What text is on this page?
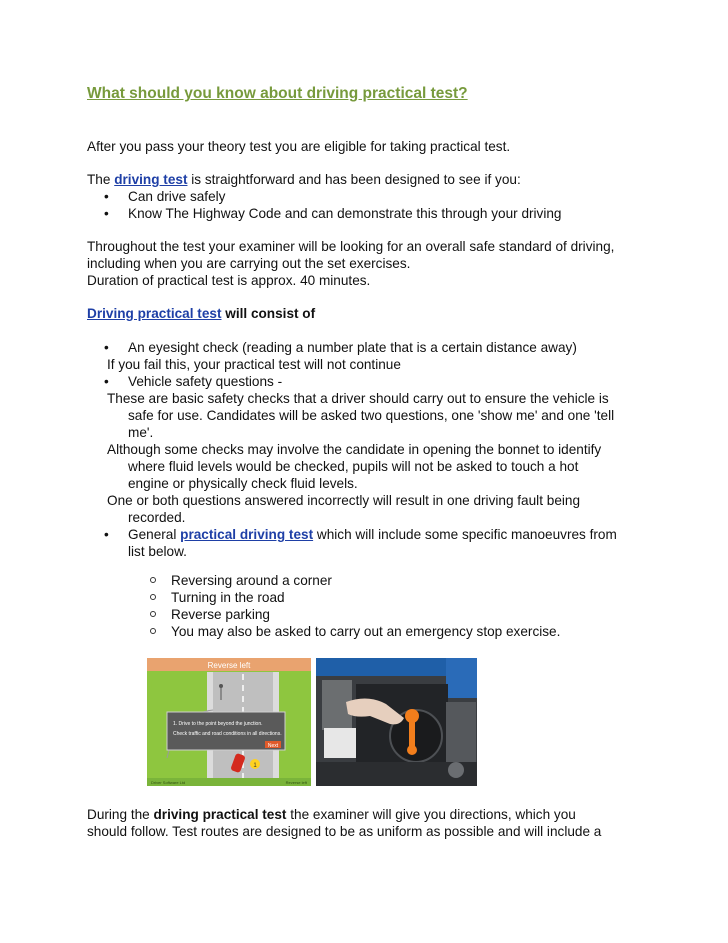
What should you know about driving practical test?
After you pass your theory test you are eligible for taking practical test.
The driving test is straightforward and has been designed to see if you:
• Can drive safely
• Know The Highway Code and can demonstrate this through your driving
Throughout the test your examiner will be looking for an overall safe standard of driving,
including when you are carrying out the set exercises.
Duration of practical test is approx. 40 minutes.
Driving practical test will consist of
• An eyesight check (reading a number plate that is a certain distance away)
If you fail this, your practical test will not continue
• Vehicle safety questions -
These are basic safety checks that a driver should carry out to ensure the vehicle is
safe for use. Candidates will be asked two questions, one 'show me' and one 'tell
me'.
Although some checks may involve the candidate in opening the bonnet to identify
where fluid levels would be checked, pupils will not be asked to touch a hot
engine or physically check fluid levels.
One or both questions answered incorrectly will result in one driving fault being
recorded.
• General practical driving test which will include some specific manoeuvres from
list below.
Reversing around a corner
Turning in the road
Reverse parking
You may also be asked to carry out an emergency stop exercise.
Reverse left
1. Drive to the point beyond the junction.
Check traffic and road conditions in all directions.
Next
1
Driver Software Ltd	Reverse left
During the driving practical test the examiner will give you directions, which you
should follow. Test routes are designed to be as uniform as possible and will include a
